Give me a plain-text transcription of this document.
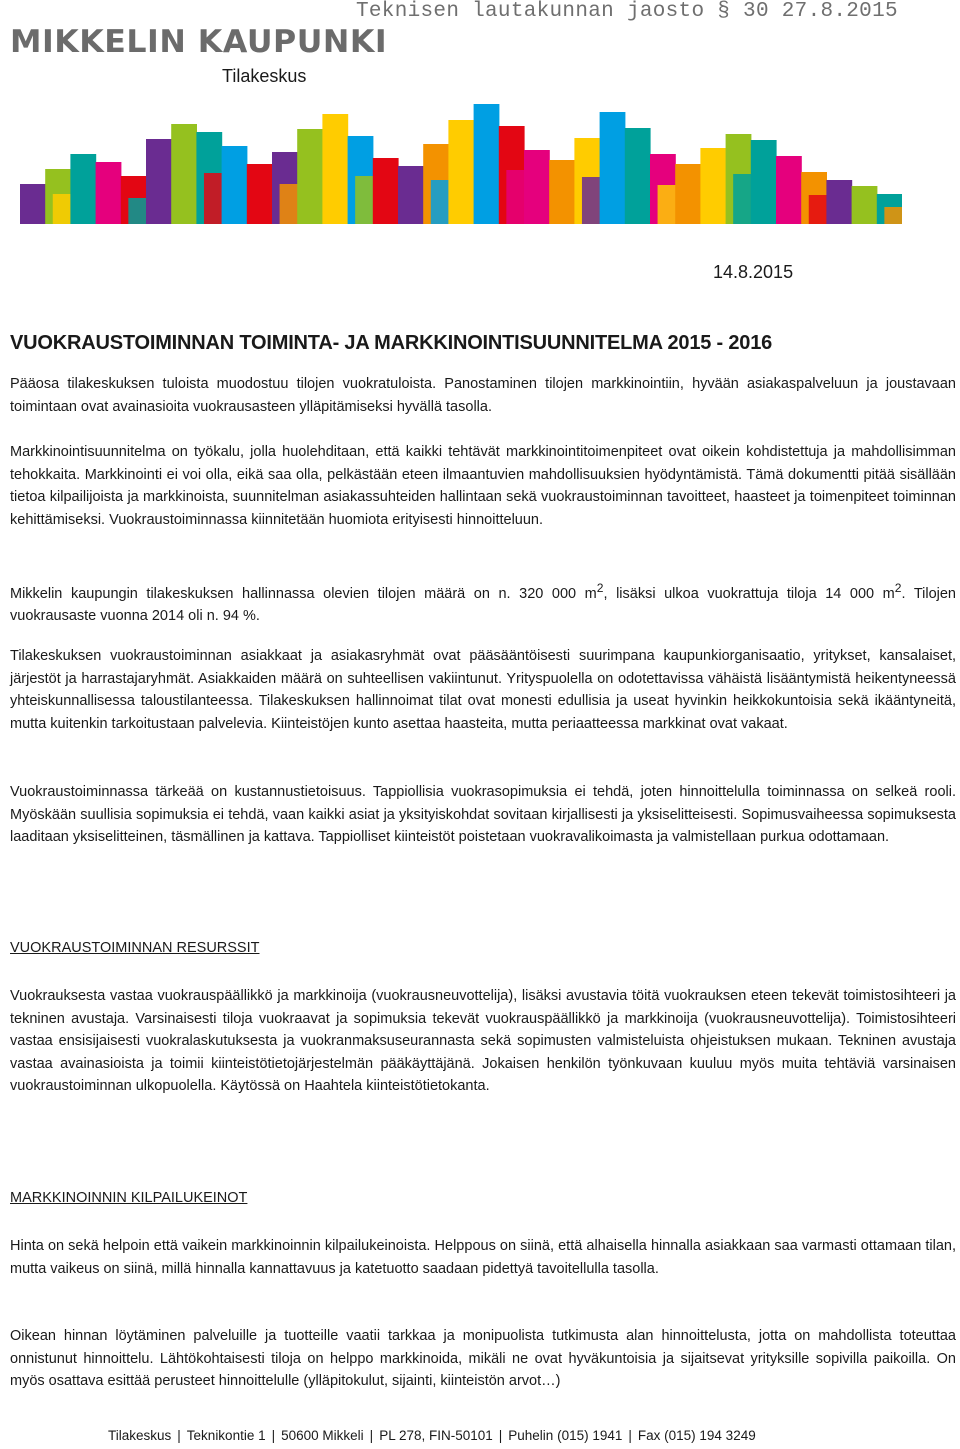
Teknisen lautakunnan jaosto § 30 27.8.2015
MIKKELIN KAUPUNKI
Tilakeskus
14.8.2015
VUOKRAUSTOIMINNAN TOIMINTA- JA MARKKINOINTISUUNNITELMA 2015 - 2016

Pääosa tilakeskuksen tuloista muodostuu tilojen vuokratuloista. Panostaminen tilojen markkinointiin, hyvään asiakaspalveluun ja joustavaan toimintaan ovat avainasioita vuokrausasteen ylläpitämiseksi hyvällä tasolla.

Markkinointisuunnitelma on työkalu, jolla huolehditaan, että kaikki tehtävät markkinointitoimenpiteet ovat oikein kohdistettuja ja mahdollisimman tehokkaita. Markkinointi ei voi olla, eikä saa olla, pelkästään eteen ilmaantuvien mahdollisuuksien hyödyntämistä. Tämä dokumentti pitää sisällään tietoa kilpailijoista ja markkinoista, suunnitelman asiakassuhteiden hallintaan sekä vuokraustoiminnan tavoitteet, haasteet ja toimenpiteet toiminnan kehittämiseksi. Vuokraustoiminnassa kiinnitetään huomiota erityisesti hinnoitteluun.

Mikkelin kaupungin tilakeskuksen hallinnassa olevien tilojen määrä on n. 320 000 $m^2$, lisäksi ulkoa vuokrattuja tiloja 14 000 $m^2$. Tilojen vuokrausaste vuonna 2014 oli n. 94 %.

Tilakeskuksen vuokraustoiminnan asiakkaat ja asiakasryhmät ovat pääsääntöisesti suurimpana kaupunkiorganisaatio, yritykset, kansalaiset, järjestöt ja harrastajaryhmät. Asiakkaiden määrä on suhteellisen vakiintunut. Yrityspuolella on odotettavissa vähäistä lisääntymistä heikentyneessä yhteiskunnallisessa taloustilanteessa. Tilakeskuksen hallinnoimat tilat ovat monesti edullisia ja useat hyvinkin heikkokuntoisia sekä ikääntyneitä, mutta kuitenkin tarkoitustaan palvelevia. Kiinteistöjen kunto asettaa haasteita, mutta periaatteessa markkinat ovat vakaat.

Vuokraustoiminnassa tärkeää on kustannustietoisuus. Tappiollisia vuokrasopimuksia ei tehdä, joten hinnoittelulla toiminnassa on selkeä rooli. Myöskään suullisia sopimuksia ei tehdä, vaan kaikki asiat ja yksityiskohdat sovitaan kirjallisesti ja yksiselitteisesti. Sopimusvaiheessa sopimuksesta laaditaan yksiselitteinen, täsmällinen ja kattava. Tappiolliset kiinteistöt poistetaan vuokravalikoimasta ja valmistellaan purkua odottamaan.

VUOKRAUSTOIMINNAN RESURSSIT

Vuokrauksesta vastaa vuokrauspäällikkö ja markkinoija (vuokrausneuvottelija), lisäksi avustavia töitä vuokrauksen eteen tekevät toimistosihteeri ja tekninen avustaja. Varsinaisesti tiloja vuokraavat ja sopimuksia tekevät vuokrauspäällikkö ja markkinoija (vuokrausneuvottelija). Toimistosihteeri vastaa ensisijaisesti vuokralaskutuksesta ja vuokranmaksuseurannasta sekä sopimusten valmisteluista ohjeistuksen mukaan. Tekninen avustaja vastaa avainasioista ja toimii kiinteistötietojärjestelmän pääkäyttäjänä. Jokaisen henkilön työnkuvaan kuuluu myös muita tehtäviä varsinaisen vuokraustoiminnan ulkopuolella. Käytössä on Haahtela kiinteistötietokanta.

MARKKINOINNIN KILPAILUKEINOT

Hinta on sekä helpoin että vaikein markkinoinnin kilpailukeinoista. Helppous on siinä, että alhaisella hinnalla asiakkaan saa varmasti ottamaan tilan, mutta vaikeus on siinä, millä hinnalla kannattavuus ja katetuotto saadaan pidettyä tavoitellulla tasolla.

Oikean hinnan löytäminen palveluille ja tuotteille vaatii tarkkaa ja monipuolista tutkimusta alan hinnoittelusta, jotta on mahdollista toteuttaa onnistunut hinnoittelu. Lähtökohtaisesti tiloja on helppo markkinoida, mikäli ne ovat hyväkuntoisia ja sijaitsevat yrityksille sopivilla paikoilla. On myös osattava esittää perusteet hinnoittelulle (ylläpitokulut, sijainti, kiinteistön arvot…)

Tilakeskus | Teknikontie 1 | 50600 Mikkeli | PL 278, FIN-50101 | Puhelin (015) 1941 | Fax (015) 194 3249
